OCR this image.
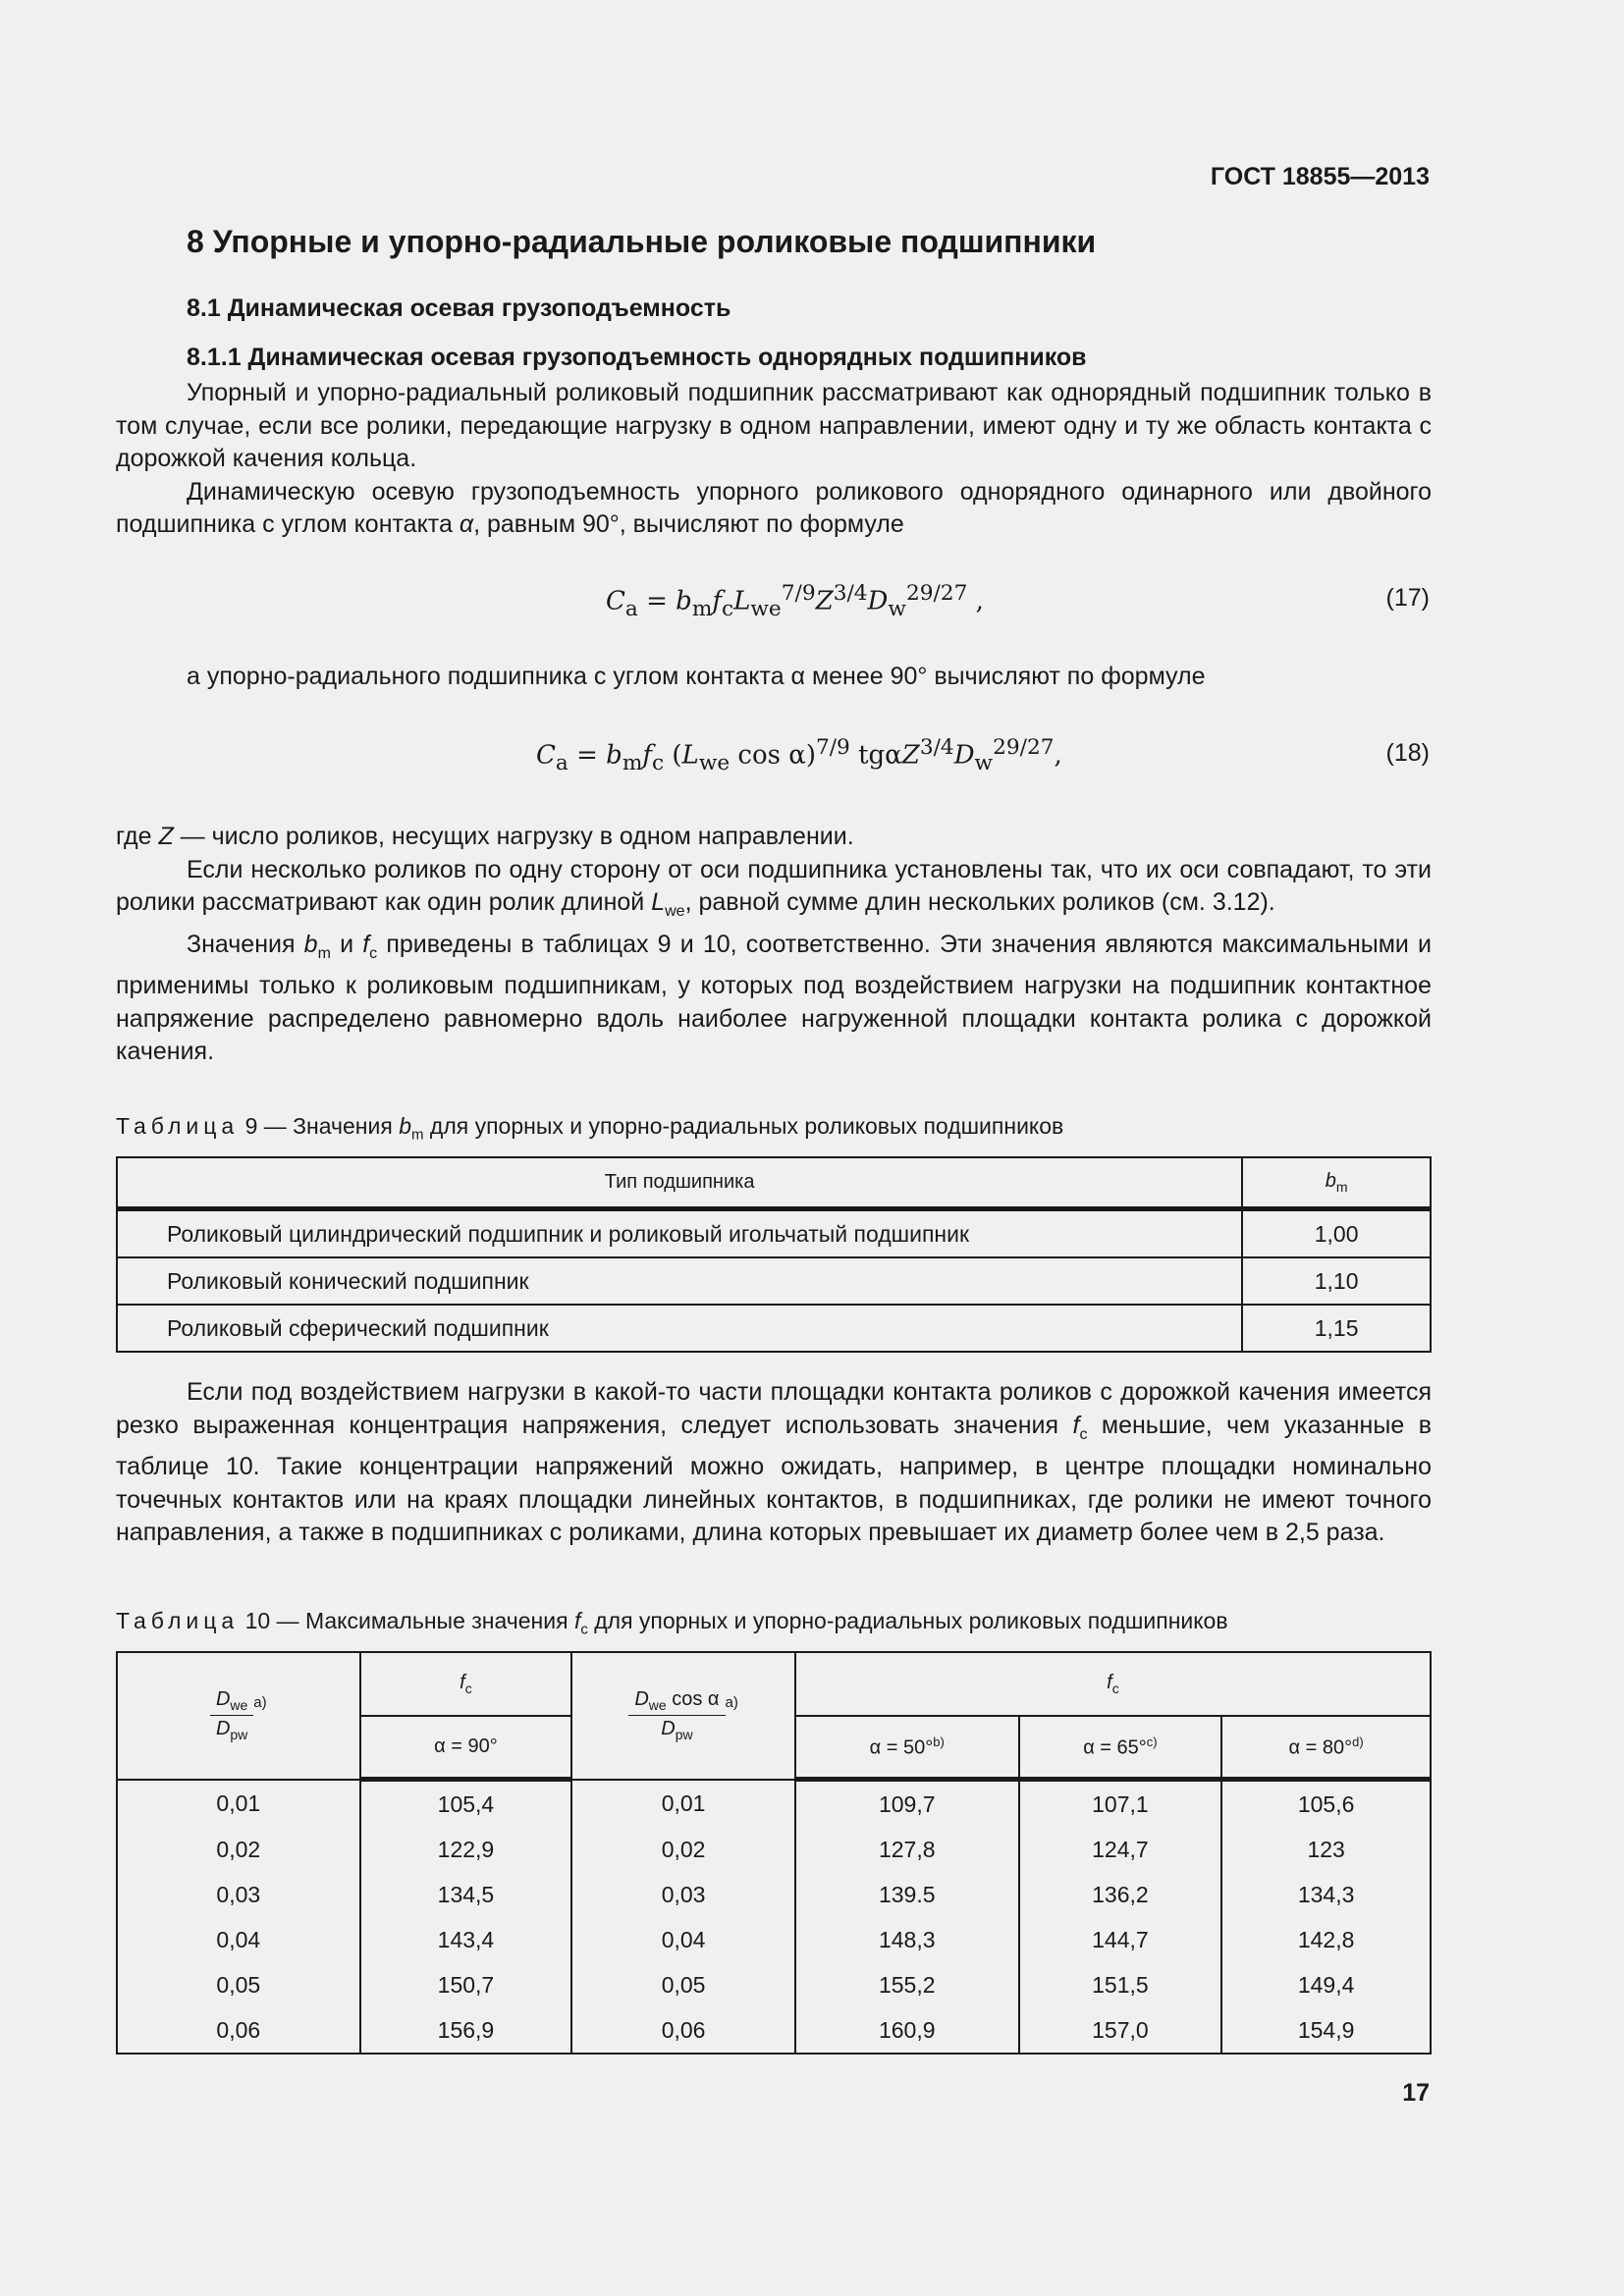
ГОСТ 18855—2013
8 Упорные и упорно-радиальные роликовые подшипники
8.1 Динамическая осевая грузоподъемность
8.1.1 Динамическая осевая грузоподъемность однорядных подшипников

Упорный и упорно-радиальный роликовый подшипник рассматривают как однорядный подшипник только в том случае, если все ролики, передающие нагрузку в одном направлении, имеют одну и ту же область контакта с дорожкой качения кольца.

Динамическую осевую грузоподъемность упорного роликового однорядного одинарного или двойного подшипника с углом контакта α, равным 90°, вычисляют по формуле

$C_a = b_mf_cL_{we}^{7/9}Z^{3/4}D_w^{29/27}$ ,	(17)

а упорно-радиального подшипника с углом контакта α менее 90° вычисляют по формуле

$C_a = b_mf_c$ ($L_{we}$ cos α)$^{7/9}$ $tg\alpha Z^{3/4}D_w^{29/27}$,	(18)

где Z — число роликов, несущих нагрузку в одном направлении.

Если несколько роликов по одну сторону от оси подшипника установлены так, что их оси совпадают, то эти ролики рассматривают как один ролик длиной $L_{we}$, равной сумме длин нескольких роликов (см. 3.12).

Значения $b_m$ и $f_c$ приведены в таблицах 9 и 10, соответственно. Эти значения являются максимальными и применимы только к роликовым подшипникам, у которых под воздействием нагрузки на подшипник контактное напряжение распределено равномерно вдоль наиболее нагруженной площадки контакта ролика с дорожкой качения.

Таблица 9 — Значения $b_m$ для упорных и упорно-радиальных роликовых подшипников
Тип подшипника	$b_m$
Роликовый цилиндрический подшипник и роликовый игольчатый подшипник	1,00
Роликовый конический подшипник	1,10
Роликовый сферический подшипник	1,15

Если под воздействием нагрузки в какой-то части площадки контакта роликов с дорожкой качения имеется резко выраженная концентрация напряжения, следует использовать значения $f_c$ меньшие, чем указанные в таблице 10. Такие концентрации напряжений можно ожидать, например, в центре площадки номинально точечных контактов или на краях площадки линейных контактов, в подшипниках, где ролики не имеют точного направления, а также в подшипниках с роликами, длина которых превышает их диаметр более чем в 2,5 раза.

Таблица 10 — Максимальные значения $f_c$ для упорных и упорно-радиальных роликовых подшипников
$\frac{D_{we}}{D_{pw}} ^{a)}$	$f_c$	$\frac{D_{we} \cos \alpha}{D_{pw}} ^{a)}$	$f_c$
	α = 90°		α = 50°$^{b)}$	α = 65°$^{c)}$	α = 80°$^{d)}$
0,01	105,4	0,01	109,7	107,1	105,6
0,02	122,9	0,02	127,8	124,7	123
0,03	134,5	0,03	139.5	136,2	134,3
0,04	143,4	0,04	148,3	144,7	142,8
0,05	150,7	0,05	155,2	151,5	149,4
0,06	156,9	0,06	160,9	157,0	154,9
17
